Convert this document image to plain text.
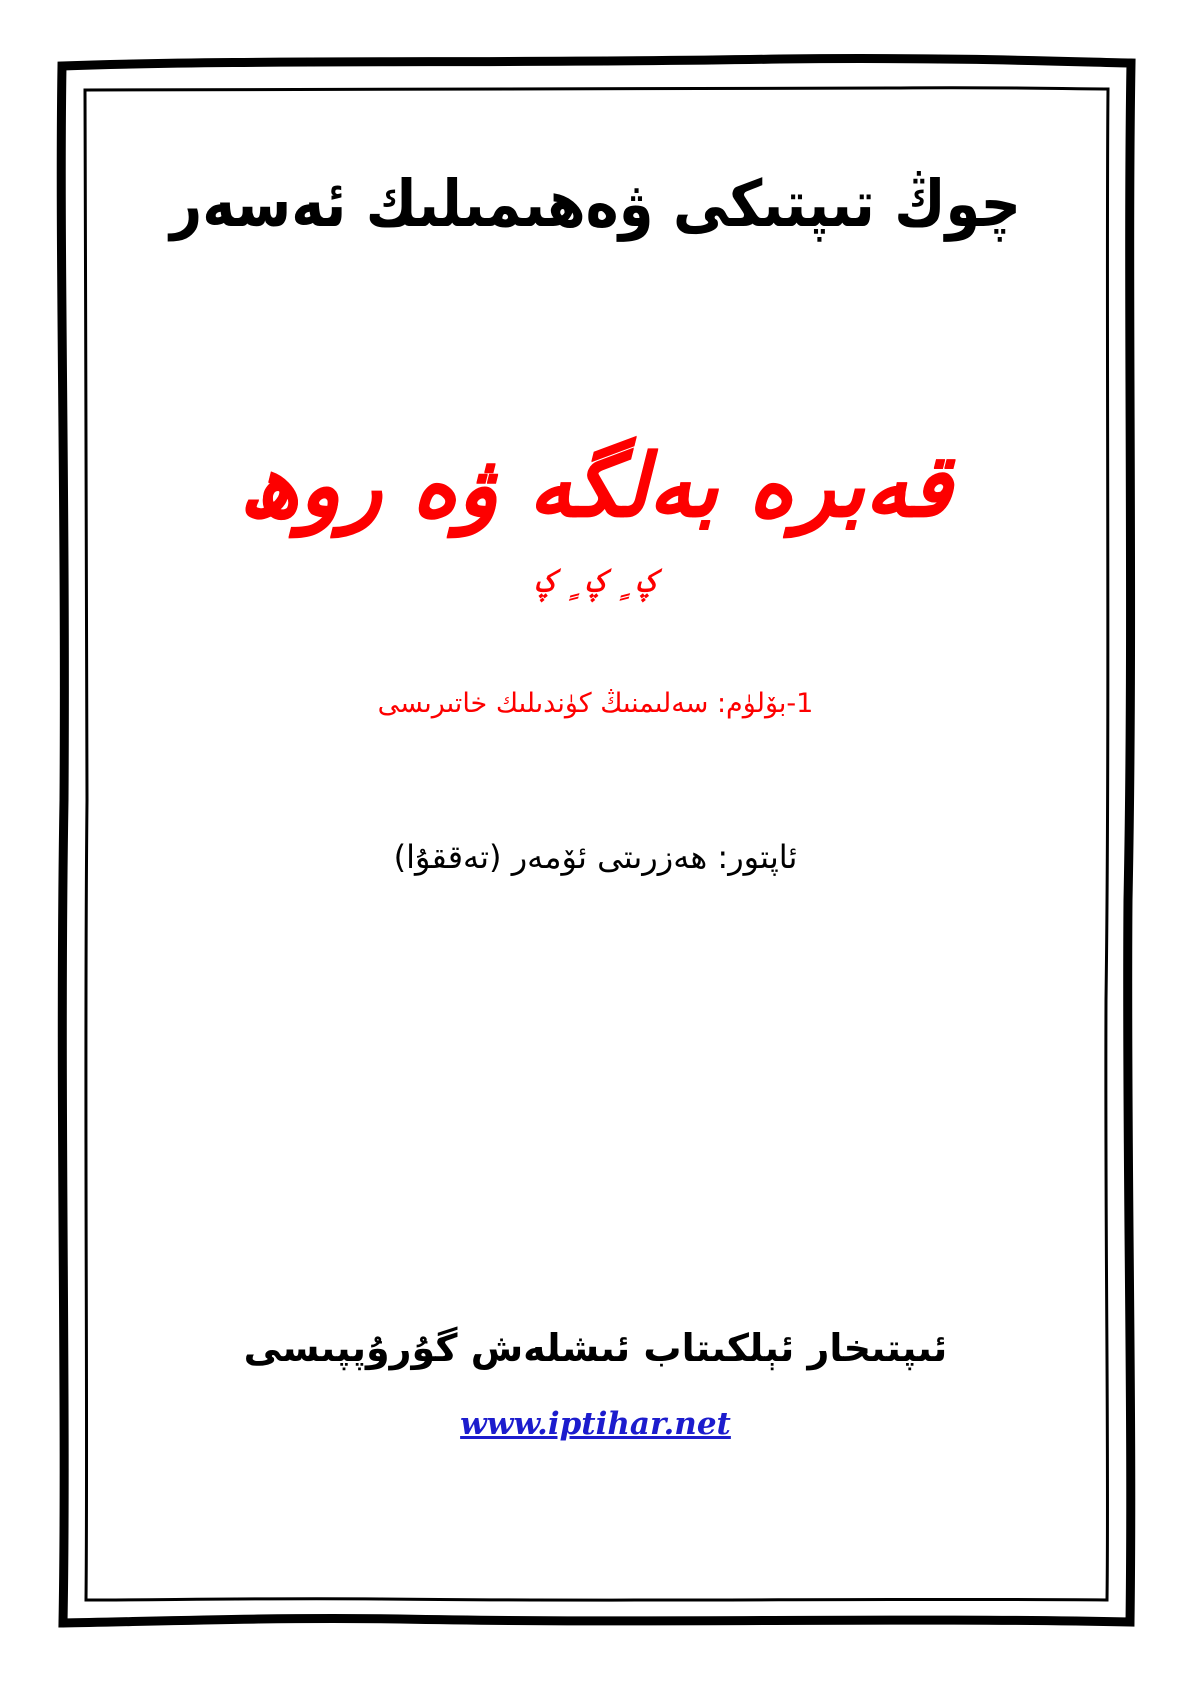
چوڭ تىپتىكى ۋەھىمىلىك ئەسەر
قەبرە بەلگە ۋە روھ
ؼ ٍ ؼ ٍ ؼ
1-بۆلۈم: سەلىمنىڭ كۈندىلىك خاتىرىسى
ئاپتور: ھەزرىتى ئۆمەر (تەققۇا)
ئىپتىخار ئېلكىتاب ئىشلەش گۇرۇپپىسى
www.iptihar.net
